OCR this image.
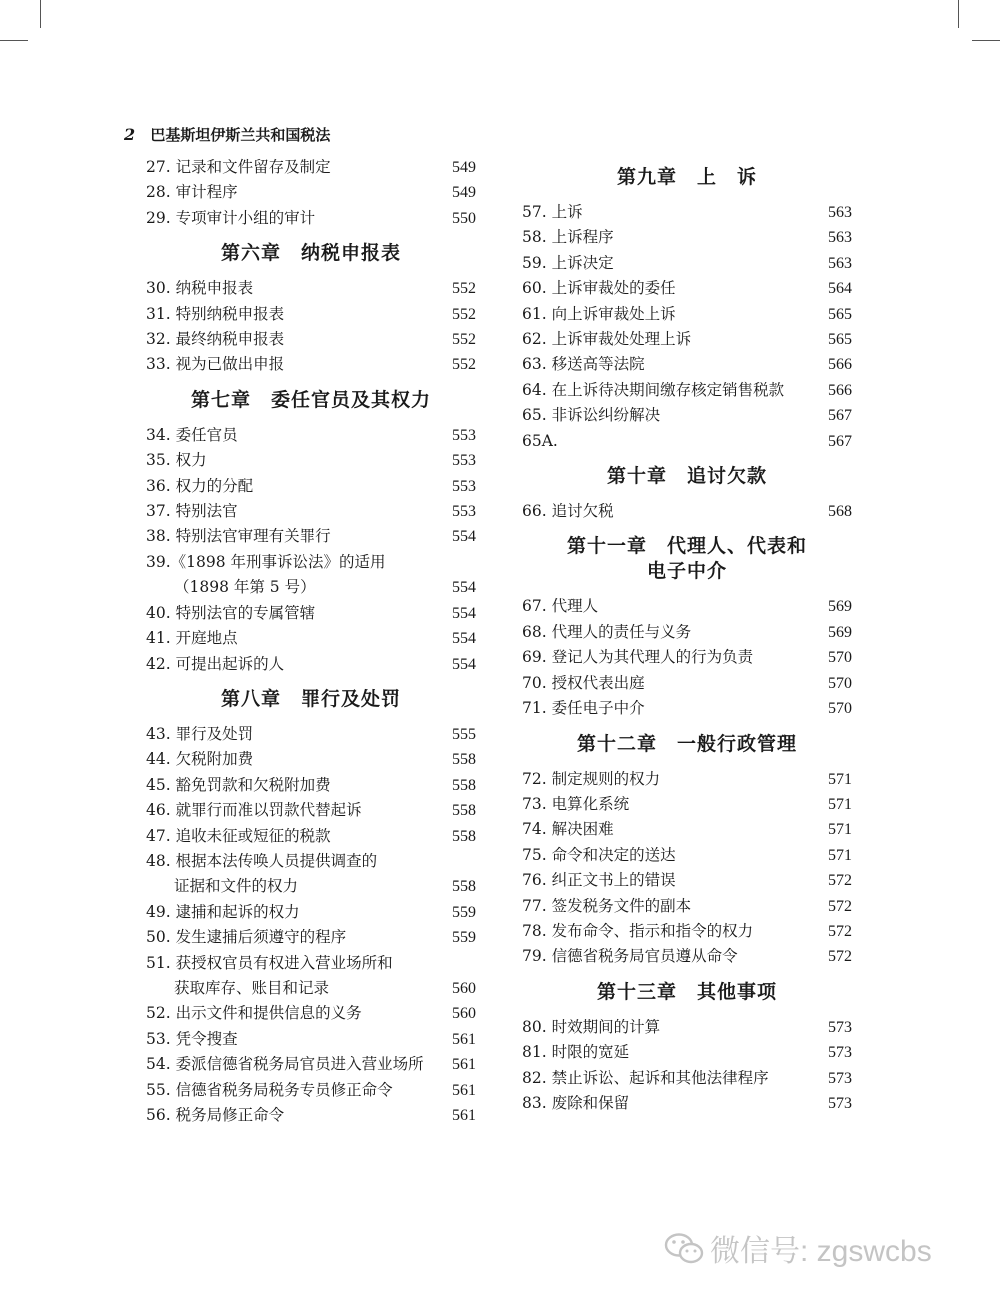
2 巴基斯坦伊斯兰共和国税法
27. 记录和文件留存及制定	549
28. 审计程序	549
29. 专项审计小组的审计	550
第六章　纳税申报表
30. 纳税申报表	552
31. 特别纳税申报表	552
32. 最终纳税申报表	552
33. 视为已做出申报	552
第七章　委任官员及其权力
34. 委任官员	553
35. 权力	553
36. 权力的分配	553
37. 特别法官	553
38. 特别法官审理有关罪行	554
39.《1898 年刑事诉讼法》的适用
（1898 年第 5 号）	554
40. 特别法官的专属管辖	554
41. 开庭地点	554
42. 可提出起诉的人	554
第八章　罪行及处罚
43. 罪行及处罚	555
44. 欠税附加费	558
45. 豁免罚款和欠税附加费	558
46. 就罪行而准以罚款代替起诉	558
47. 追收未征或短征的税款	558
48. 根据本法传唤人员提供调查的
证据和文件的权力	558
49. 逮捕和起诉的权力	559
50. 发生逮捕后须遵守的程序	559
51. 获授权官员有权进入营业场所和
获取库存、账目和记录	560
52. 出示文件和提供信息的义务	560
53. 凭令搜查	561
54. 委派信德省税务局官员进入营业场所	561
55. 信德省税务局税务专员修正命令	561
56. 税务局修正命令	561
第九章　上　诉
57. 上诉	563
58. 上诉程序	563
59. 上诉决定	563
60. 上诉审裁处的委任	564
61. 向上诉审裁处上诉	565
62. 上诉审裁处处理上诉	565
63. 移送高等法院	566
64. 在上诉待决期间缴存核定销售税款	566
65. 非诉讼纠纷解决	567
65A.	567
第十章　追讨欠款
66. 追讨欠税	568
第十一章　代理人、代表和
电子中介
67. 代理人	569
68. 代理人的责任与义务	569
69. 登记人为其代理人的行为负责	570
70. 授权代表出庭	570
71. 委任电子中介	570
第十二章　一般行政管理
72. 制定规则的权力	571
73. 电算化系统	571
74. 解决困难	571
75. 命令和决定的送达	571
76. 纠正文书上的错误	572
77. 签发税务文件的副本	572
78. 发布命令、指示和指令的权力	572
79. 信德省税务局官员遵从命令	572
第十三章　其他事项
80. 时效期间的计算	573
81. 时限的宽延	573
82. 禁止诉讼、起诉和其他法律程序	573
83. 废除和保留	573
微信号: zgswcbs
